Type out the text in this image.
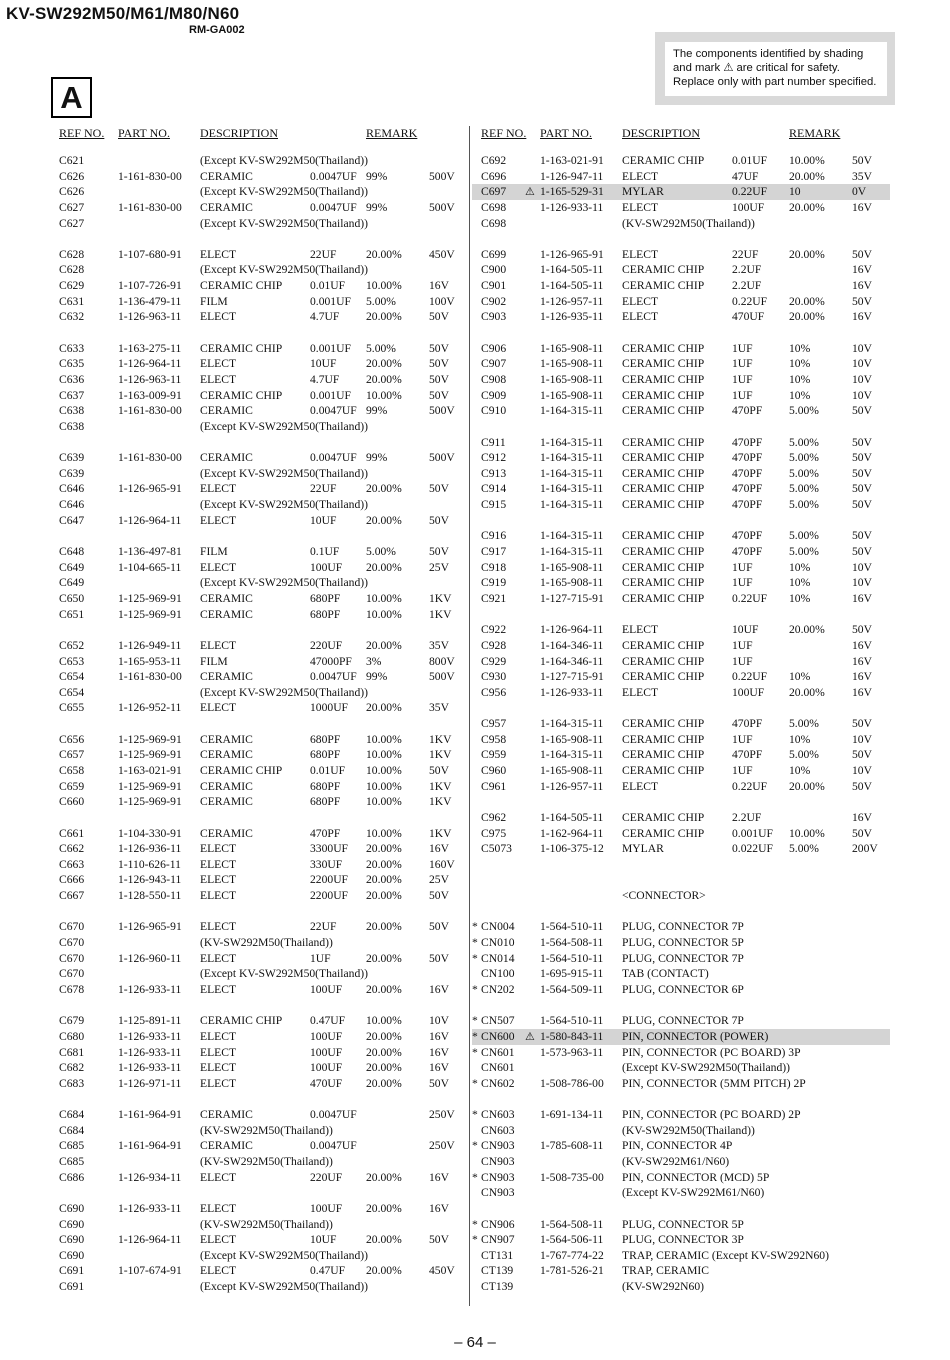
KV-SW292M50/M61/M80/N60
RM-GA002
The components identified by shading
and mark ⚠ are critical for safety.
Replace only with part number specified.
A
REF NO. PART NO.	DESCRIPTION	REMARK
C621	(Except KV-SW292M50(Thailand))
C626	1-161-830-00 CERAMIC	0.0047UF 99%	500V
C626	(Except KV-SW292M50(Thailand))
C627	1-161-830-00 CERAMIC	0.0047UF 99%	500V
C627	(Except KV-SW292M50(Thailand))
C628	1-107-680-91 ELECT	22UF	20.00% 450V
C628	(Except KV-SW292M50(Thailand))
C629	1-107-726-91 CERAMIC CHIP 0.01UF 10.00% 16V
C631	1-136-479-11 FILM	0.001UF 5.00%	100V
C632	1-126-963-11 ELECT	4.7UF 20.00% 50V
C633	1-163-275-11 CERAMIC CHIP 0.001UF 5.00%	50V
C635	1-126-964-11 ELECT	10UF	20.00% 50V
C636	1-126-963-11 ELECT	4.7UF 20.00% 50V
C637	1-163-009-91 CERAMIC CHIP 0.001UF 10.00% 50V
C638	1-161-830-00 CERAMIC	0.0047UF 99%	500V
C638	(Except KV-SW292M50(Thailand))
C639	1-161-830-00 CERAMIC	0.0047UF 99%	500V
C639	(Except KV-SW292M50(Thailand))
C646	1-126-965-91 ELECT	22UF	20.00% 50V
C646	(Except KV-SW292M50(Thailand))
C647	1-126-964-11 ELECT	10UF	20.00% 50V
C648	1-136-497-81 FILM	0.1UF 5.00%	50V
C649	1-104-665-11 ELECT	100UF 20.00% 25V
C649	(Except KV-SW292M50(Thailand))
C650	1-125-969-91 CERAMIC	680PF 10.00% 1KV
C651	1-125-969-91 CERAMIC	680PF 10.00% 1KV
C652	1-126-949-11 ELECT	220UF 20.00% 35V
C653	1-165-953-11 FILM	47000PF 3%	800V
C654	1-161-830-00 CERAMIC	0.0047UF 99%	500V
C654	(Except KV-SW292M50(Thailand))
C655	1-126-952-11 ELECT	1000UF 20.00% 35V
C656	1-125-969-91 CERAMIC	680PF 10.00% 1KV
C657	1-125-969-91 CERAMIC	680PF 10.00% 1KV
C658	1-163-021-91 CERAMIC CHIP 0.01UF 10.00% 50V
C659	1-125-969-91 CERAMIC	680PF 10.00% 1KV
C660	1-125-969-91 CERAMIC	680PF 10.00% 1KV
C661	1-104-330-91 CERAMIC	470PF 10.00% 1KV
C662	1-126-936-11 ELECT	3300UF 20.00% 16V
C663	1-110-626-11 ELECT	330UF 20.00% 160V
C666	1-126-943-11 ELECT	2200UF 20.00% 25V
C667	1-128-550-11 ELECT	2200UF 20.00% 50V
C670	1-126-965-91 ELECT	22UF	20.00% 50V
C670	(KV-SW292M50(Thailand))
C670	1-126-960-11 ELECT	1UF	20.00% 50V
C670	(Except KV-SW292M50(Thailand))
C678	1-126-933-11 ELECT	100UF 20.00% 16V
C679	1-125-891-11 CERAMIC CHIP 0.47UF 10.00% 10V
C680	1-126-933-11 ELECT	100UF 20.00% 16V
C681	1-126-933-11 ELECT	100UF 20.00% 16V
C682	1-126-933-11 ELECT	100UF 20.00% 16V
C683	1-126-971-11 ELECT	470UF 20.00% 50V
C684	1-161-964-91 CERAMIC	0.0047UF	250V
C684	(KV-SW292M50(Thailand))
C685	1-161-964-91 CERAMIC	0.0047UF	250V
C685	(KV-SW292M50(Thailand))
C686	1-126-934-11 ELECT	220UF 20.00% 16V
C690	1-126-933-11 ELECT	100UF 20.00% 16V
C690	(KV-SW292M50(Thailand))
C690	1-126-964-11 ELECT	10UF	20.00% 50V
C690	(Except KV-SW292M50(Thailand))
C691	1-107-674-91 ELECT	0.47UF 20.00% 450V
C691	(Except KV-SW292M50(Thailand))
REF NO. PART NO.	DESCRIPTION	REMARK
C692	1-163-021-91 CERAMIC CHIP 0.01UF 10.00% 50V
C696	1-126-947-11 ELECT	47UF	20.00% 35V
C697 ⚠ 1-165-529-31 MYLAR	0.22UF 10	0V
C698	1-126-933-11 ELECT	100UF 20.00% 16V
C698	(KV-SW292M50(Thailand))
C699	1-126-965-91 ELECT	22UF	20.00% 50V
C900	1-164-505-11 CERAMIC CHIP 2.2UF	16V
C901	1-164-505-11 CERAMIC CHIP 2.2UF	16V
C902	1-126-957-11 ELECT	0.22UF 20.00% 50V
C903	1-126-935-11 ELECT	470UF 20.00% 16V
C906	1-165-908-11 CERAMIC CHIP 1UF	10%	10V
C907	1-165-908-11 CERAMIC CHIP 1UF	10%	10V
C908	1-165-908-11 CERAMIC CHIP 1UF	10%	10V
C909	1-165-908-11 CERAMIC CHIP 1UF	10%	10V
C910	1-164-315-11 CERAMIC CHIP 470PF 5.00%	50V
C911	1-164-315-11 CERAMIC CHIP 470PF 5.00%	50V
C912	1-164-315-11 CERAMIC CHIP 470PF 5.00%	50V
C913	1-164-315-11 CERAMIC CHIP 470PF 5.00%	50V
C914	1-164-315-11 CERAMIC CHIP 470PF 5.00%	50V
C915	1-164-315-11 CERAMIC CHIP 470PF 5.00%	50V
C916	1-164-315-11 CERAMIC CHIP 470PF 5.00%	50V
C917	1-164-315-11 CERAMIC CHIP 470PF 5.00%	50V
C918	1-165-908-11 CERAMIC CHIP 1UF	10%	10V
C919	1-165-908-11 CERAMIC CHIP 1UF	10%	10V
C921	1-127-715-91 CERAMIC CHIP 0.22UF 10%	16V
C922	1-126-964-11 ELECT	10UF	20.00% 50V
C928	1-164-346-11 CERAMIC CHIP 1UF	16V
C929	1-164-346-11 CERAMIC CHIP 1UF	16V
C930	1-127-715-91 CERAMIC CHIP 0.22UF 10%	16V
C956	1-126-933-11 ELECT	100UF 20.00% 16V
C957	1-164-315-11 CERAMIC CHIP 470PF 5.00%	50V
C958	1-165-908-11 CERAMIC CHIP 1UF	10%	10V
C959	1-164-315-11 CERAMIC CHIP 470PF 5.00%	50V
C960	1-165-908-11 CERAMIC CHIP 1UF	10%	10V
C961	1-126-957-11 ELECT	0.22UF 20.00% 50V
C962	1-164-505-11 CERAMIC CHIP 2.2UF	16V
C975	1-162-964-11 CERAMIC CHIP 0.001UF 10.00% 50V
C5073 1-106-375-12 MYLAR	0.022UF 5.00%	200V
<CONNECTOR>
* CN004 1-564-510-11 PLUG, CONNECTOR 7P
* CN010 1-564-508-11 PLUG, CONNECTOR 5P
* CN014 1-564-510-11 PLUG, CONNECTOR 7P
CN100 1-695-915-11 TAB (CONTACT)
* CN202 1-564-509-11 PLUG, CONNECTOR 6P
* CN507 1-564-510-11 PLUG, CONNECTOR 7P
* CN600 ⚠ 1-580-843-11 PIN, CONNECTOR (POWER)
* CN601 1-573-963-11 PIN, CONNECTOR (PC BOARD) 3P
CN601	(Except KV-SW292M50(Thailand))
* CN602 1-508-786-00 PIN, CONNECTOR (5MM PITCH) 2P
* CN603 1-691-134-11 PIN, CONNECTOR (PC BOARD) 2P
CN603	(KV-SW292M50(Thailand))
* CN903 1-785-608-11 PIN, CONNECTOR 4P
CN903	(KV-SW292M61/N60)
* CN903 1-508-735-00 PIN, CONNECTOR (MCD) 5P
CN903	(Except KV-SW292M61/N60)
* CN906 1-564-508-11 PLUG, CONNECTOR 5P
* CN907 1-564-506-11 PLUG, CONNECTOR 3P
CT131 1-767-774-22 TRAP, CERAMIC (Except KV-SW292N60)
CT139 1-781-526-21 TRAP, CERAMIC
CT139	(KV-SW292N60)
– 64 –
